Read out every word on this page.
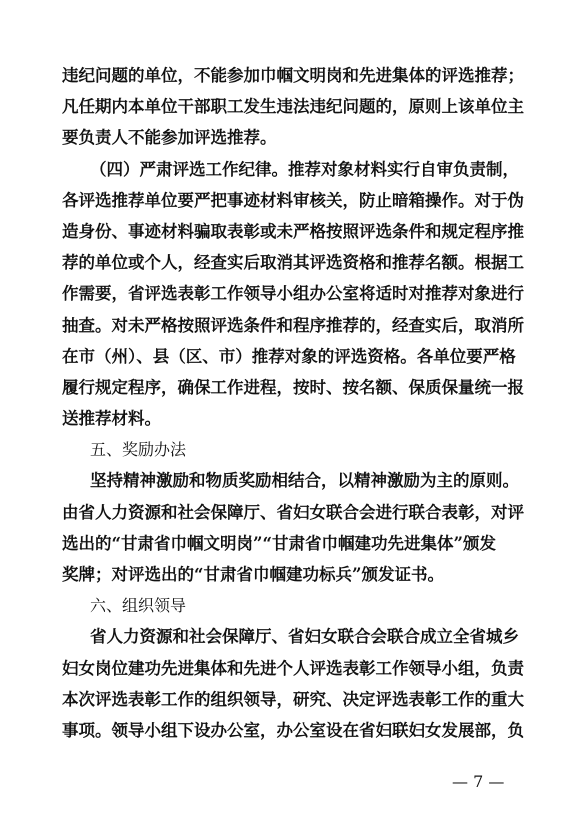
违纪问题的单位，不能参加巾帼文明岗和先进集体的评选推荐；
凡任期内本单位干部职工发生违法违纪问题的，原则上该单位主
要负责人不能参加评选推荐。
（四）严肃评选工作纪律。推荐对象材料实行自审负责制，
各评选推荐单位要严把事迹材料审核关，防止暗箱操作。对于伪
造身份、事迹材料骗取表彰或未严格按照评选条件和规定程序推
荐的单位或个人，经查实后取消其评选资格和推荐名额。根据工
作需要，省评选表彰工作领导小组办公室将适时对推荐对象进行
抽查。对未严格按照评选条件和程序推荐的，经查实后，取消所
在市（州）、县（区、市）推荐对象的评选资格。各单位要严格
履行规定程序，确保工作进程，按时、按名额、保质保量统一报
送推荐材料。
五、奖励办法
坚持精神激励和物质奖励相结合，以精神激励为主的原则。
由省人力资源和社会保障厅、省妇女联合会进行联合表彰，对评
选出的“甘肃省巾帼文明岗”“甘肃省巾帼建功先进集体”颁发
奖牌；对评选出的“甘肃省巾帼建功标兵”颁发证书。
六、组织领导
省人力资源和社会保障厅、省妇女联合会联合成立全省城乡
妇女岗位建功先进集体和先进个人评选表彰工作领导小组，负责
本次评选表彰工作的组织领导，研究、决定评选表彰工作的重大
事项。领导小组下设办公室，办公室设在省妇联妇女发展部，负
— 7 —
